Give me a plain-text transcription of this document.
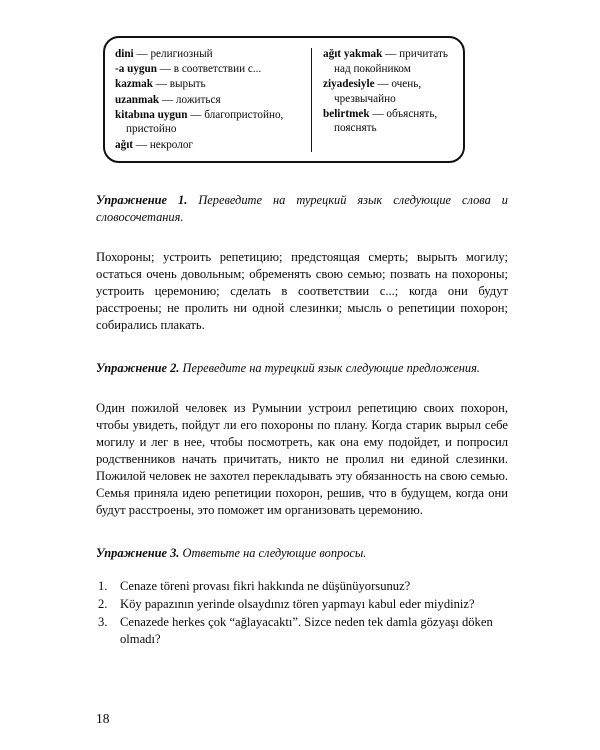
dini — религиозный

-a uygun — в соответствии с...

kazmak — вырыть

uzanmak — ложиться

kitabına uygun — благопристойно, пристойно

ağıt — некролог

ağıt yakmak — причитать над покойником

ziyadesiyle — очень, чрезвычайно

belirtmek — объяснять, пояснять

Упражнение 1. Переведите на турецкий язык следующие слова и словосочетания.

Похороны; устроить репетицию; предстоящая смерть; вырыть могилу; остаться очень довольным; обременять свою семью; позвать на похороны; устроить церемонию; сделать в соответствии с...; когда они будут расстроены; не пролить ни одной слезинки; мысль о репетиции похорон; собирались плакать.

Упражнение 2. Переведите на турецкий язык следующие предложения.

Один пожилой человек из Румынии устроил репетицию своих похорон, чтобы увидеть, пойдут ли его похороны по плану. Когда старик вырыл себе могилу и лег в нее, чтобы посмотреть, как она ему подойдет, и попросил родственников начать причитать, никто не пролил ни единой слезинки. Пожилой человек не захотел перекладывать эту обязанность на свою семью. Семья приняла идею репетиции похорон, решив, что в будущем, когда они будут расстроены, это поможет им организовать церемонию.

Упражнение 3. Ответьте на следующие вопросы.

1. Cenaze töreni provası fikri hakkında ne düşünüyorsunuz?
2. Köy papazının yerinde olsaydınız tören yapmayı kabul eder miydiniz?
3. Cenazede herkes çok “ağlayacaktı”. Sizce neden tek damla gözyaşı döken olmadı?
18
